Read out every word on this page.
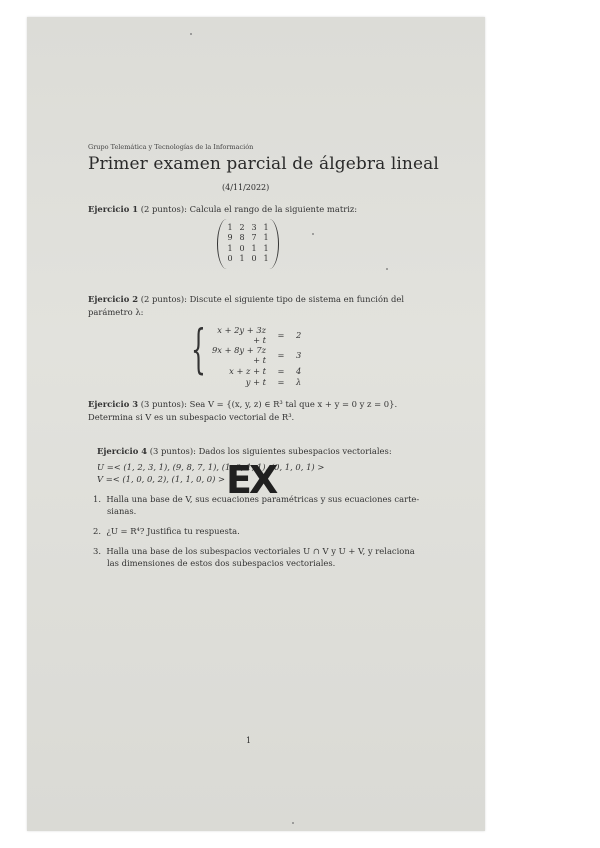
Grupo Telemática y Tecnologías de la Información
Primer examen parcial de álgebra lineal
(4/11/2022)
Ejercicio 1 (2 puntos): Calcula el rango de la siguiente matriz:
1	2	3	1
9	8	7	1
1	0	1	1
0	1	0	1
Ejercicio 2 (2 puntos): Discute el siguiente tipo de sistema en función del
parámetro λ:
{ x + 2y + 3z + t	=	2
9x + 8y + 7z + t	=	3
x + z + t	=	4
y + t	=	λ
Ejercicio 3 (3 puntos): Sea V = {(x, y, z) ∈ R³ tal que x + y = 0 y z = 0}.
Determina si V es un subespacio vectorial de R³.
Ejercicio 4 (3 puntos): Dados los siguientes subespacios vectoriales:
U =< (1, 2, 3, 1), (9, 8, 7, 1), (1, 0, 1, 1), (0, 1, 0, 1) >
V =< (1, 0, 0, 2), (1, 1, 0, 0) > EX
1. Halla una base de V, sus ecuaciones paramétricas y sus ecuaciones carte-
sianas.
2. ¿U = R⁴? Justifica tu respuesta.
3. Halla una base de los subespacios vectoriales U ∩ V y U + V, y relaciona
las dimensiones de estos dos subespacios vectoriales.
1
